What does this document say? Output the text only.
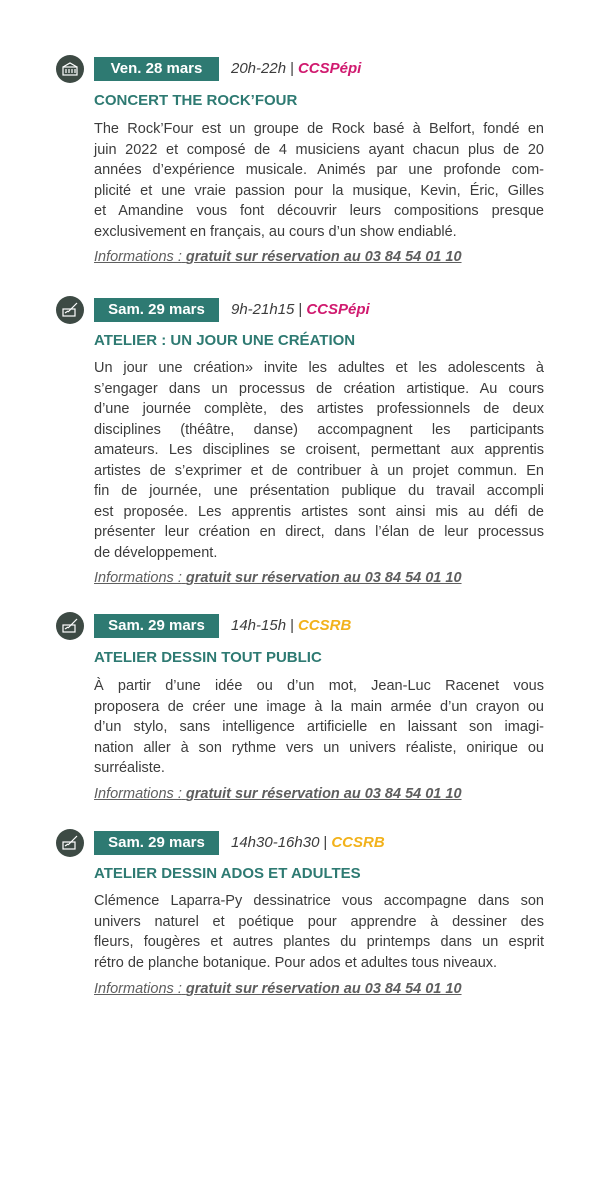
Ven. 28 mars	20h-22h | CCSPépi
CONCERT THE ROCK’FOUR
The Rock’Four est un groupe de Rock basé à Belfort, fondé en
juin 2022 et composé de 4 musiciens ayant chacun plus de 20
années d’expérience musicale. Animés par une profonde com-
plicité et une vraie passion pour la musique, Kevin, Éric, Gilles
et Amandine vous font découvrir leurs compositions presque
exclusivement en français, au cours d’un show endiablé.
Informations : gratuit sur réservation au 03 84 54 01 10
Sam. 29 mars	9h-21h15 | CCSPépi
ATELIER : UN JOUR UNE CRÉATION
Un jour une création» invite les adultes et les adolescents à
s’engager dans un processus de création artistique. Au cours
d’une journée complète, des artistes professionnels de deux
disciplines (théâtre, danse) accompagnent les participants
amateurs. Les disciplines se croisent, permettant aux apprentis
artistes de s’exprimer et de contribuer à un projet commun. En
fin de journée, une présentation publique du travail accompli
est proposée. Les apprentis artistes sont ainsi mis au défi de
présenter leur création en direct, dans l’élan de leur processus
de développement.
Informations : gratuit sur réservation au 03 84 54 01 10
Sam. 29 mars	14h-15h | CCSRB
ATELIER DESSIN TOUT PUBLIC
À partir d’une idée ou d’un mot, Jean-Luc Racenet vous
proposera de créer une image à la main armée d’un crayon ou
d’un stylo, sans intelligence artificielle en laissant son imagi-
nation aller à son rythme vers un univers réaliste, onirique ou
surréaliste.
Informations : gratuit sur réservation au 03 84 54 01 10
Sam. 29 mars	14h30-16h30 | CCSRB
ATELIER DESSIN ADOS ET ADULTES
Clémence Laparra-Py dessinatrice vous accompagne dans son
univers naturel et poétique pour apprendre à dessiner des
fleurs, fougères et autres plantes du printemps dans un esprit
rétro de planche botanique. Pour ados et adultes tous niveaux.
Informations : gratuit sur réservation au 03 84 54 01 10
